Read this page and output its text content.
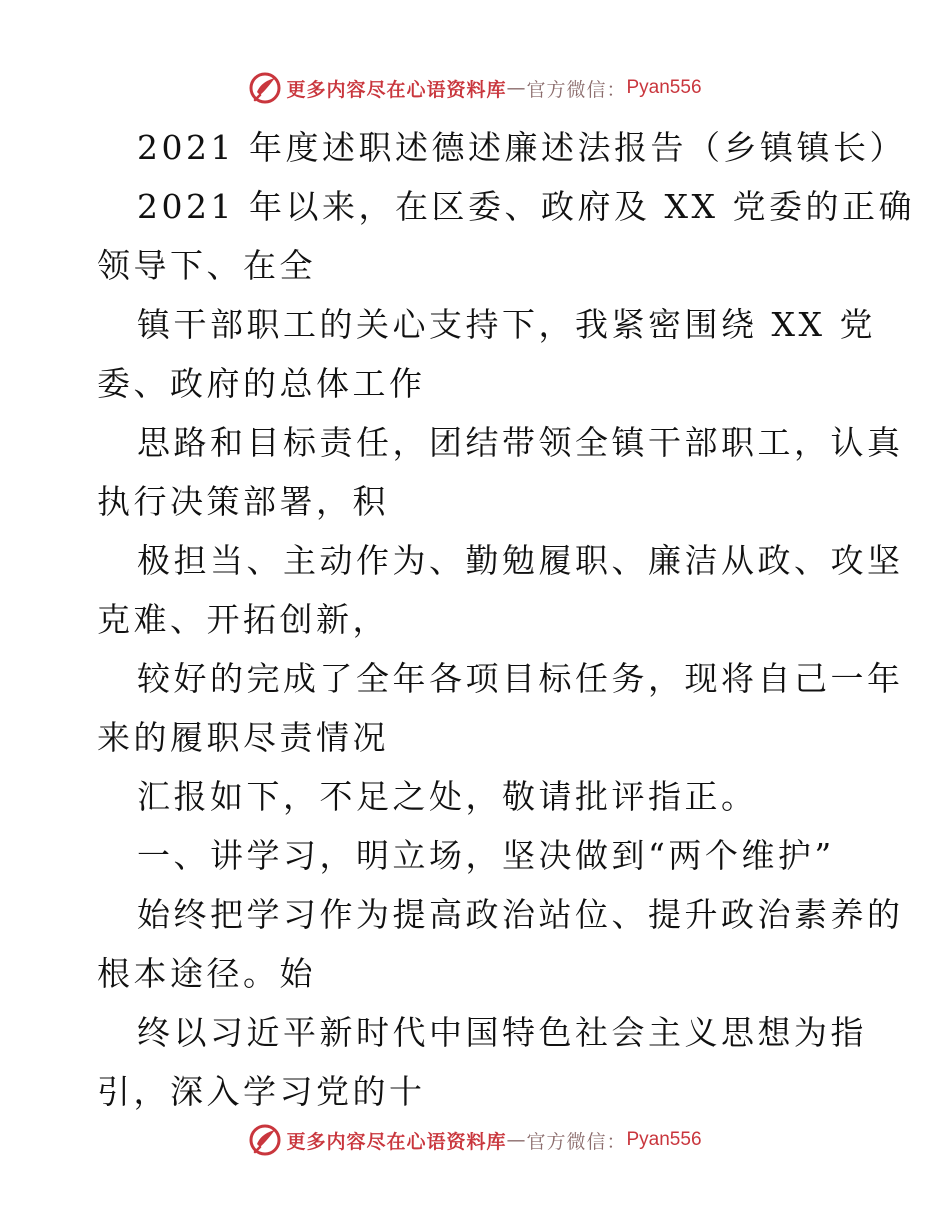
更多内容尽在心语资料库 — 官方微信： Pyan556
2021 年度述职述德述廉述法报告（乡镇镇长）
2021 年以来，在区委、政府及 XX 党委的正确
领导下、在全
镇干部职工的关心支持下，我紧密围绕 XX 党
委、政府的总体工作
思路和目标责任，团结带领全镇干部职工，认真
执行决策部署，积
极担当、主动作为、勤勉履职、廉洁从政、攻坚
克难、开拓创新，
较好的完成了全年各项目标任务，现将自己一年
来的履职尽责情况
汇报如下，不足之处，敬请批评指正。
一、讲学习，明立场，坚决做到“两个维护”
始终把学习作为提高政治站位、提升政治素养的
根本途径。始
终以习近平新时代中国特色社会主义思想为指
引，深入学习党的十
更多内容尽在心语资料库 — 官方微信： Pyan556
